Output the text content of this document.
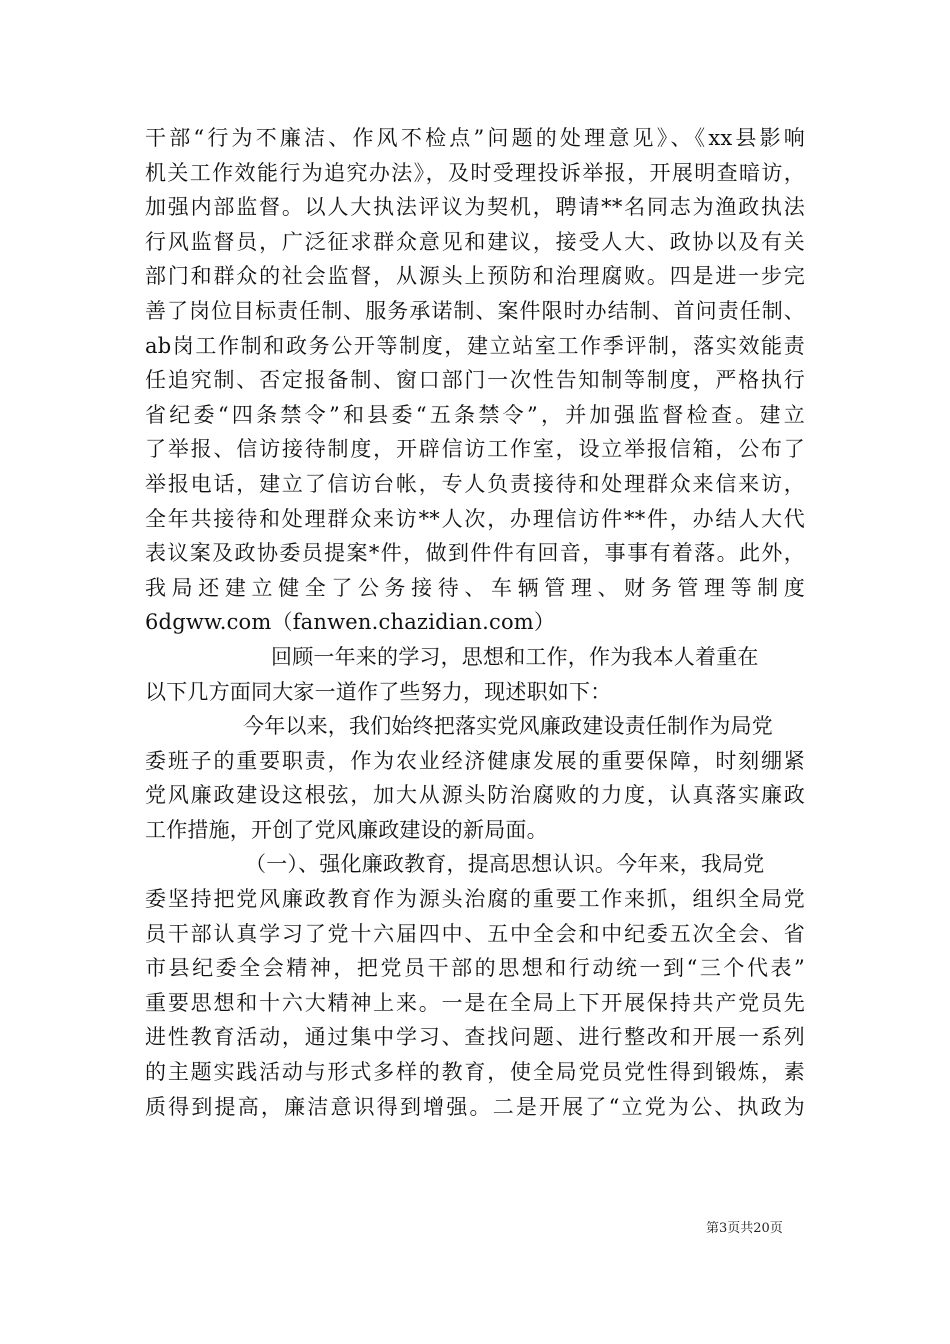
干部“行为不廉洁、作风不检点”问题的处理意见》、《xx县影响
机关工作效能行为追究办法》，及时受理投诉举报，开展明查暗访，
加强内部监督。以人大执法评议为契机，聘请**名同志为渔政执法
行风监督员，广泛征求群众意见和建议，接受人大、政协以及有关
部门和群众的社会监督，从源头上预防和治理腐败。四是进一步完
善了岗位目标责任制、服务承诺制、案件限时办结制、首问责任制、
ab岗工作制和政务公开等制度，建立站室工作季评制，落实效能责
任追究制、否定报备制、窗口部门一次性告知制等制度，严格执行
省纪委“四条禁令”和县委“五条禁令”，并加强监督检查。建立
了举报、信访接待制度，开辟信访工作室，设立举报信箱，公布了
举报电话，建立了信访台帐，专人负责接待和处理群众来信来访，
全年共接待和处理群众来访**人次，办理信访件**件，办结人大代
表议案及政协委员提案*件，做到件件有回音，事事有着落。此外，
我局还建立健全了公务接待、车辆管理、财务管理等制度
6dgww.com（fanwen.chazidian.com）
回顾一年来的学习，思想和工作，作为我本人着重在
以下几方面同大家一道作了些努力，现述职如下：
今年以来，我们始终把落实党风廉政建设责任制作为局党
委班子的重要职责，作为农业经济健康发展的重要保障，时刻绷紧
党风廉政建设这根弦，加大从源头防治腐败的力度，认真落实廉政
工作措施，开创了党风廉政建设的新局面。
（一）、强化廉政教育，提高思想认识。今年来，我局党
委坚持把党风廉政教育作为源头治腐的重要工作来抓，组织全局党
员干部认真学习了党十六届四中、五中全会和中纪委五次全会、省
市县纪委全会精神，把党员干部的思想和行动统一到“三个代表”
重要思想和十六大精神上来。一是在全局上下开展保持共产党员先
进性教育活动，通过集中学习、查找问题、进行整改和开展一系列
的主题实践活动与形式多样的教育，使全局党员党性得到锻炼，素
质得到提高，廉洁意识得到增强。二是开展了“立党为公、执政为
第3页共20页
